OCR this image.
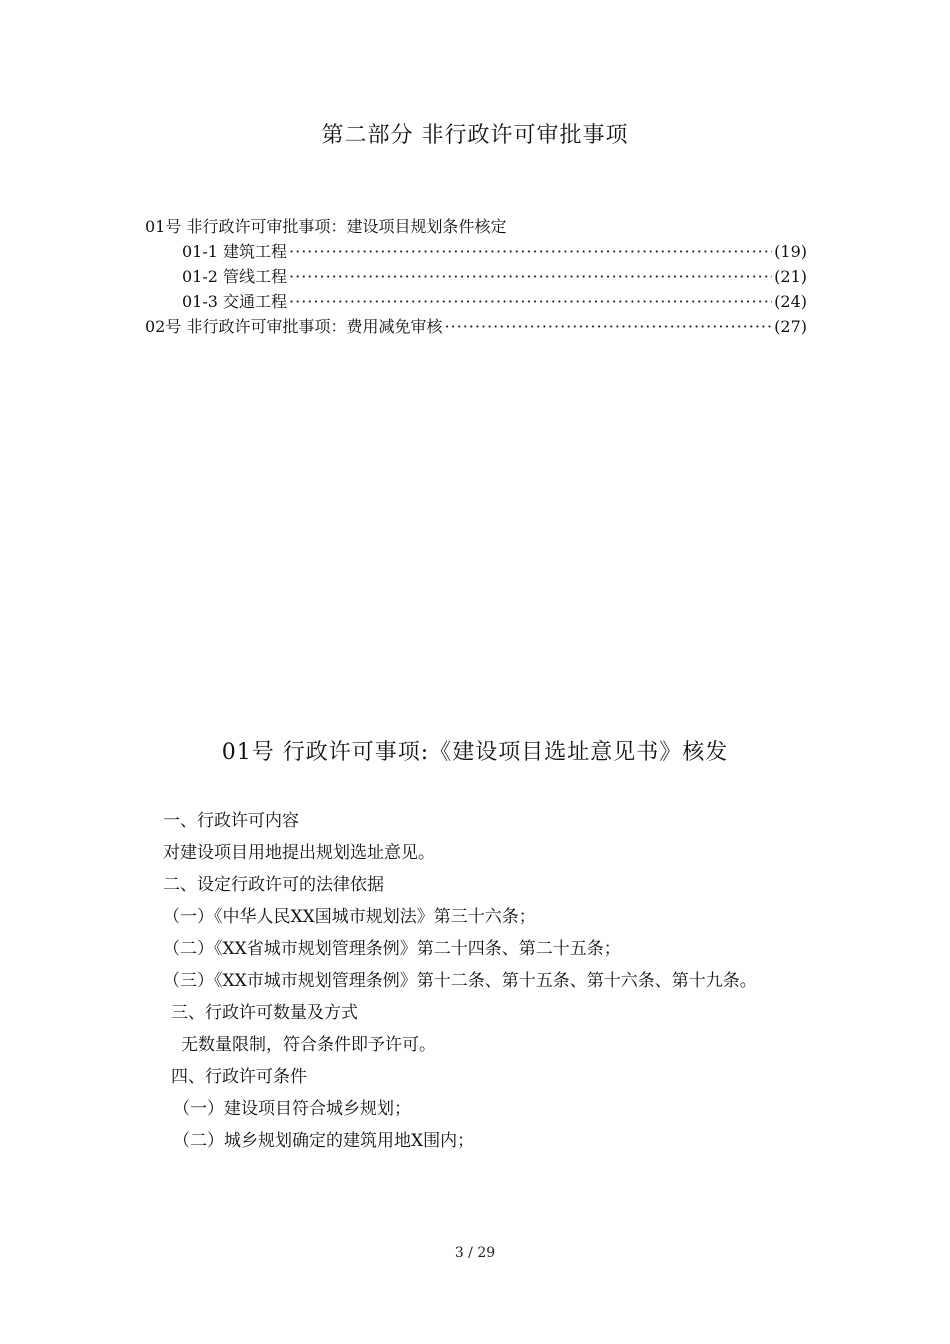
第二部分 非行政许可审批事项
01号 非行政许可审批事项：建设项目规划条件核定
01-1 建筑工程 ·····	(19)
01-2 管线工程 ·····	(21)
01-3 交通工程 ·····	(24)
02号 非行政许可审批事项：费用减免审核 ·····	(27)
01号 行政许可事项:《建设项目选址意见书》核发
一、行政许可内容
对建设项目用地提出规划选址意见。
二、设定行政许可的法律依据
（一）《中华人民XX国城市规划法》第三十六条；
（二）《XX省城市规划管理条例》第二十四条、第二十五条；
（三）《XX市城市规划管理条例》第十二条、第十五条、第十六条、第十九条。
三、行政许可数量及方式
无数量限制，符合条件即予许可。
四、行政许可条件
（一）建设项目符合城乡规划；
（二）城乡规划确定的建筑用地X围内；
3 / 29
